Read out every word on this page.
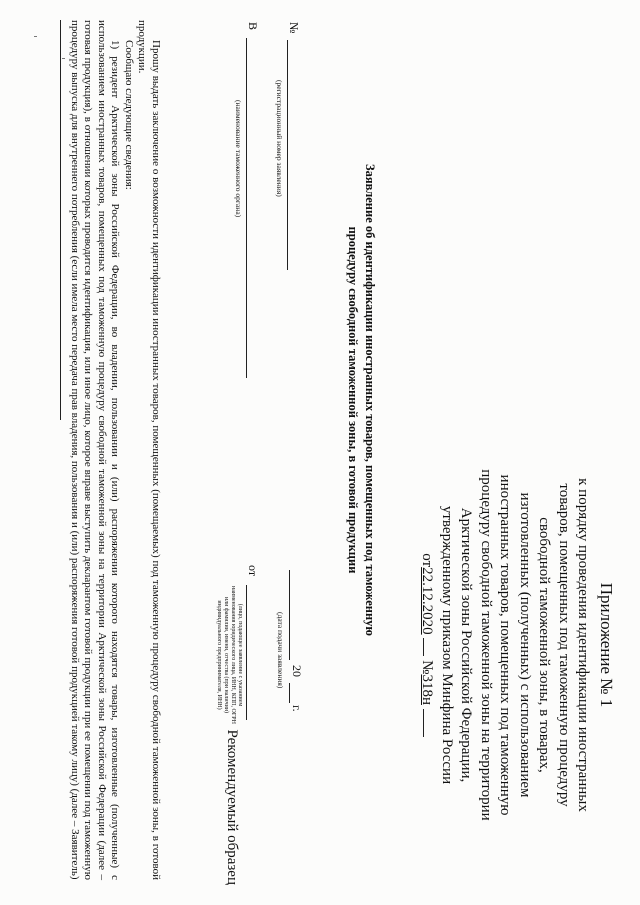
Приложение № 1
к порядку проведения идентификации иностранных
товаров, помещенных под таможенную процедуру
свободной таможенной зоны, в товарах,
изготовленных (полученных) с использованием
иностранных товаров, помещенных под таможенную
процедуру свободной таможенной зоны на территории
Арктической зоны Российской Федерации,
утвержденному приказом Минфина России
от22.12.2020  №318н
Рекомендуемый образец
Заявление об идентификации иностранных товаров, помещенных под таможенную
процедуру свободной таможенной зоны, в готовой продукции
№
(регистрационный номер заявления)
В
(наименование таможенного органа)
20
г.
(дата подачи заявления)
от
(лицо, подающее заявление с указанием наименования юридического лица, ИНН, КПП, ОГРН или фамилии, имени, отчества (при наличии) индивидуального предпринимателя, ИНН)

Прошу выдать заключение о возможности идентификации иностранных товаров, помещенных (помещаемых) под таможенную процедуру свободной таможенной зоны, в готовой продукции.

Сообщаю следующие сведения:

1) резидент Арктической зоны Российской Федерации, во владении, пользовании и (или) распоряжении которого находятся товары, изготовленные (полученные) с использованием иностранных товаров, помещенных под таможенную процедуру свободной таможенной зоны на территории Арктической зоны Российской Федерации (далее – готовая продукция), в отношении которых проводится идентификация, или иное лицо, которое вправе выступить декларантом готовой продукции при ее помещении под таможенную процедуру выпуска для внутреннего потребления (если имела место передача прав владения, пользования и (или) распоряжения готовой продукцией такому лицу) (далее – Заявитель)
